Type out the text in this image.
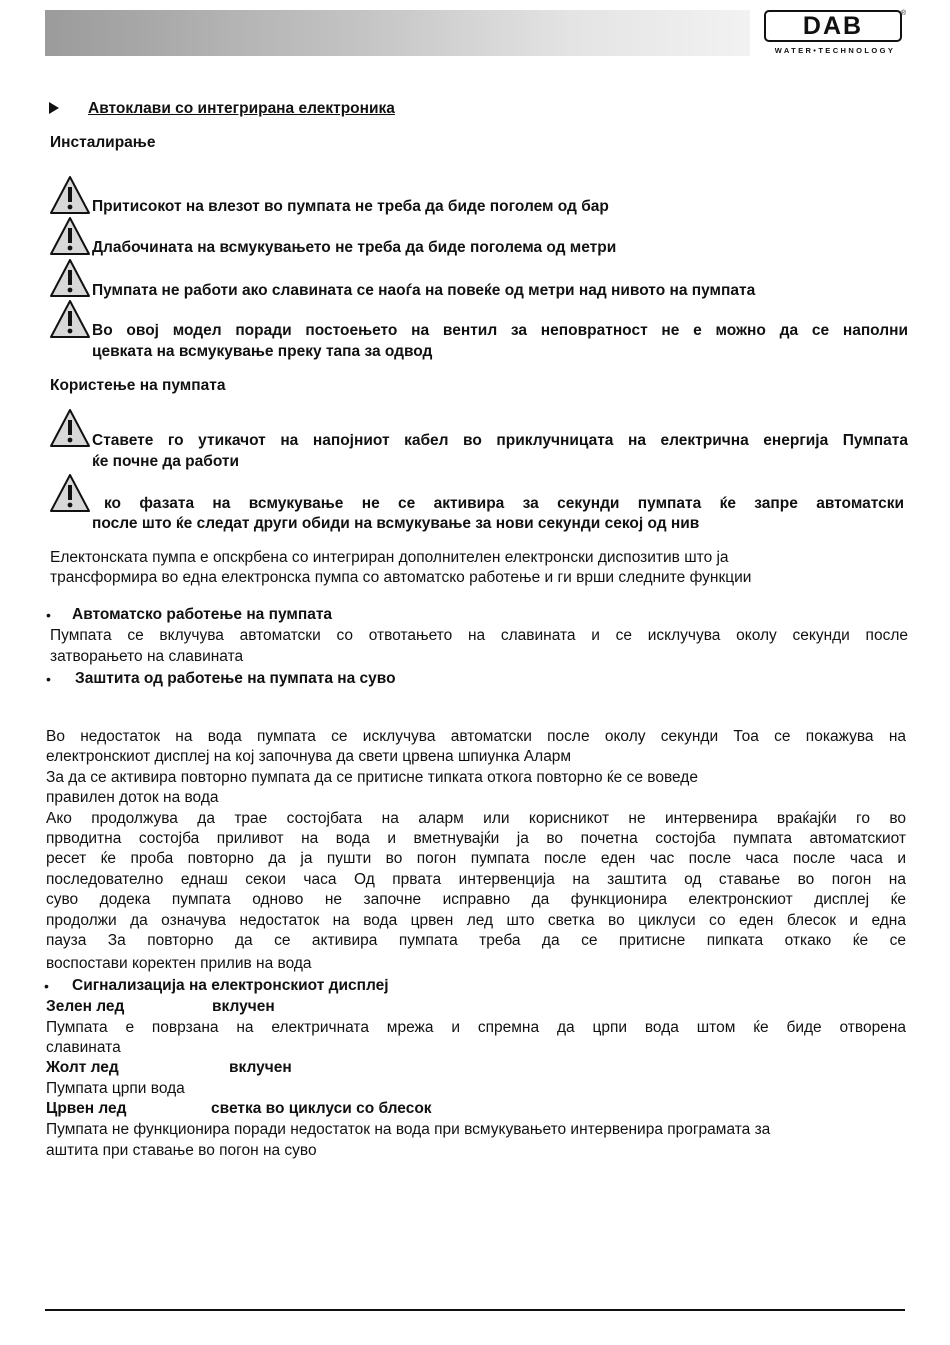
DAB	®
WATER•TECHNOLOGY
Автоклави со интегрирана електроника
Инсталирање
Притисокот на влезот во пумпата не треба да биде поголем од бар
Длабочината на всмукувањето не треба да биде поголема од метри
Пумпата не работи ако славината се наоѓа на повеќе од метри над нивото на пумпата
Во овој модел поради постоењето на вентил за неповратност не е можно да се наполни
цевката на всмукување преку тапа за одвод
Користење на пумпата
Ставете го утикачот на напојниот кабел во приклучницата на електрична енергија Пумпата
ќе почне да работи
ко фазата на всмукување не се активира за секунди пумпата ќе запре автоматски
после што ќе следат други обиди на всмукување за нови секунди секој од нив
Електонската пумпа е опскрбена со интегриран дополнителен електронски диспозитив што ја
трансформира во една електронска пумпа со автоматско работење и ги врши следните функции
• Автоматско работење на пумпата
Пумпата се вклучува автоматски со отвотањето на славината и се исклучува околу секунди после
затворањето на славината
• Заштита од работење на пумпата на суво
Во недостаток на вода пумпата се исклучува автоматски после околу секунди Тоа се покажува на
електронскиот дисплеј на кој започнува да свети црвена шпиунка Аларм
За да се активира повторно пумпата да се притисне типката откога повторно ќе се воведе
правилен доток на вода
Ако продолжува да трае состојбата на аларм или корисникот не интервенира враќајќи го во
прводитна состојба приливот на вода и вметнувајќи ја во почетна состојба пумпата автоматскиот
ресет ќе проба повторно да ја пушти во погон пумпата после еден час после часа после часа и
последователно еднаш секои часа Од првата интервенција на заштита од ставање во погон на
суво додека пумпата одново не започне исправно да функционира електронскиот дисплеј ќе
продолжи да означува недостаток на вода црвен лед што светка во циклуси со еден блесок и една
пауза За повторно да се активира пумпата треба да се притисне пипката откако ќе се
воспостави коректен прилив на вода
• Сигнализација на електронскиот дисплеј
Зелен лед	вклучен
Пумпата е поврзана на електричната мрежа и спремна да црпи вода штом ќе биде отворена
славината
Жолт лед	вклучен
Пумпата црпи вода
Црвен лед	светка во циклуси со блесок
Пумпата не функционира поради недостаток на вода при всмукувањето интервенира програмата за
аштита при ставање во погон на суво
